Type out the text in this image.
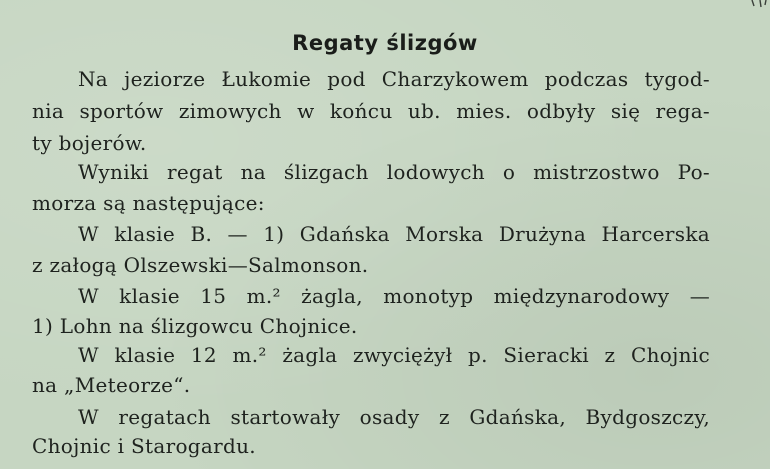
Regaty ślizgów
Na jeziorze Łukomie pod Charzykowem podczas tygod-
nia sportów zimowych w końcu ub. mies. odbyły się rega-
ty bojerów.
Wyniki regat na ślizgach lodowych o mistrzostwo Po-
morza są następujące:
W klasie B. — 1) Gdańska Morska Drużyna Harcerska
z załogą Olszewski—Salmonson.
W klasie 15 m.² żagla, monotyp międzynarodowy —
1) Lohn na ślizgowcu Chojnice.
W klasie 12 m.² żagla zwyciężył p. Sieracki z Chojnic
na „Meteorze“.
W regatach startowały osady z Gdańska, Bydgoszczy,
Chojnic i Starogardu.
